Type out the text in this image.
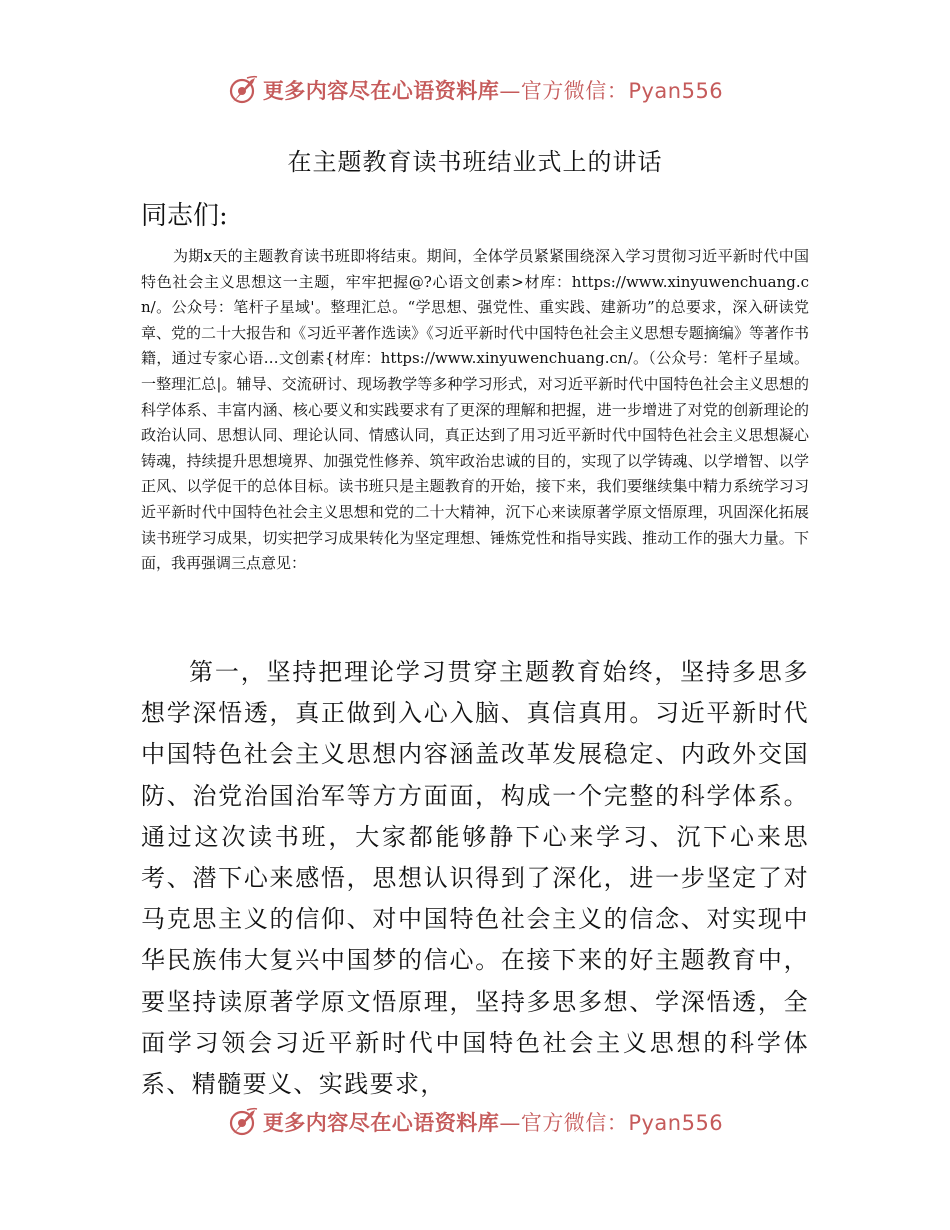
更多内容尽在心语资料库—官方微信：Pyan556
在主题教育读书班结业式上的讲话

同志们:

为期x天的主题教育读书班即将结束。期间，全体学员紧紧围绕深入学习贯彻习近平新时代中国特色社会主义思想这一主题，牢牢把握@?心语文创素>材库：https://www.xinyuwenchuang.cn/。公众号：笔杆子星域'。整理汇总。“学思想、强党性、重实践、建新功”的总要求，深入研读党章、党的二十大报告和《习近平著作选读》《习近平新时代中国特色社会主义思想专题摘编》等著作书籍，通过专家心语…文创素{材库：https://www.xinyuwenchuang.cn/。（公众号：笔杆子星域。一整理汇总|。辅导、交流研讨、现场教学等多种学习形式，对习近平新时代中国特色社会主义思想的科学体系、丰富内涵、核心要义和实践要求有了更深的理解和把握，进一步增进了对党的创新理论的政治认同、思想认同、理论认同、情感认同，真正达到了用习近平新时代中国特色社会主义思想凝心铸魂，持续提升思想境界、加强党性修养、筑牢政治忠诚的目的，实现了以学铸魂、以学增智、以学正风、以学促干的总体目标。读书班只是主题教育的开始，接下来，我们要继续集中精力系统学习习近平新时代中国特色社会主义思想和党的二十大精神，沉下心来读原著学原文悟原理，巩固深化拓展读书班学习成果，切实把学习成果转化为坚定理想、锤炼党性和指导实践、推动工作的强大力量。下面，我再强调三点意见：

第一，坚持把理论学习贯穿主题教育始终，坚持多思多想学深悟透，真正做到入心入脑、真信真用。习近平新时代中国特色社会主义思想内容涵盖改革发展稳定、内政外交国防、治党治国治军等方方面面，构成一个完整的科学体系。通过这次读书班，大家都能够静下心来学习、沉下心来思考、潜下心来感悟，思想认识得到了深化，进一步坚定了对马克思主义的信仰、对中国特色社会主义的信念、对实现中华民族伟大复兴中国梦的信心。在接下来的好主题教育中，要坚持读原著学原文悟原理，坚持多思多想、学深悟透，全面学习领会习近平新时代中国特色社会主义思想的科学体系、精髓要义、实践要求，

更多内容尽在心语资料库—官方微信：Pyan556
